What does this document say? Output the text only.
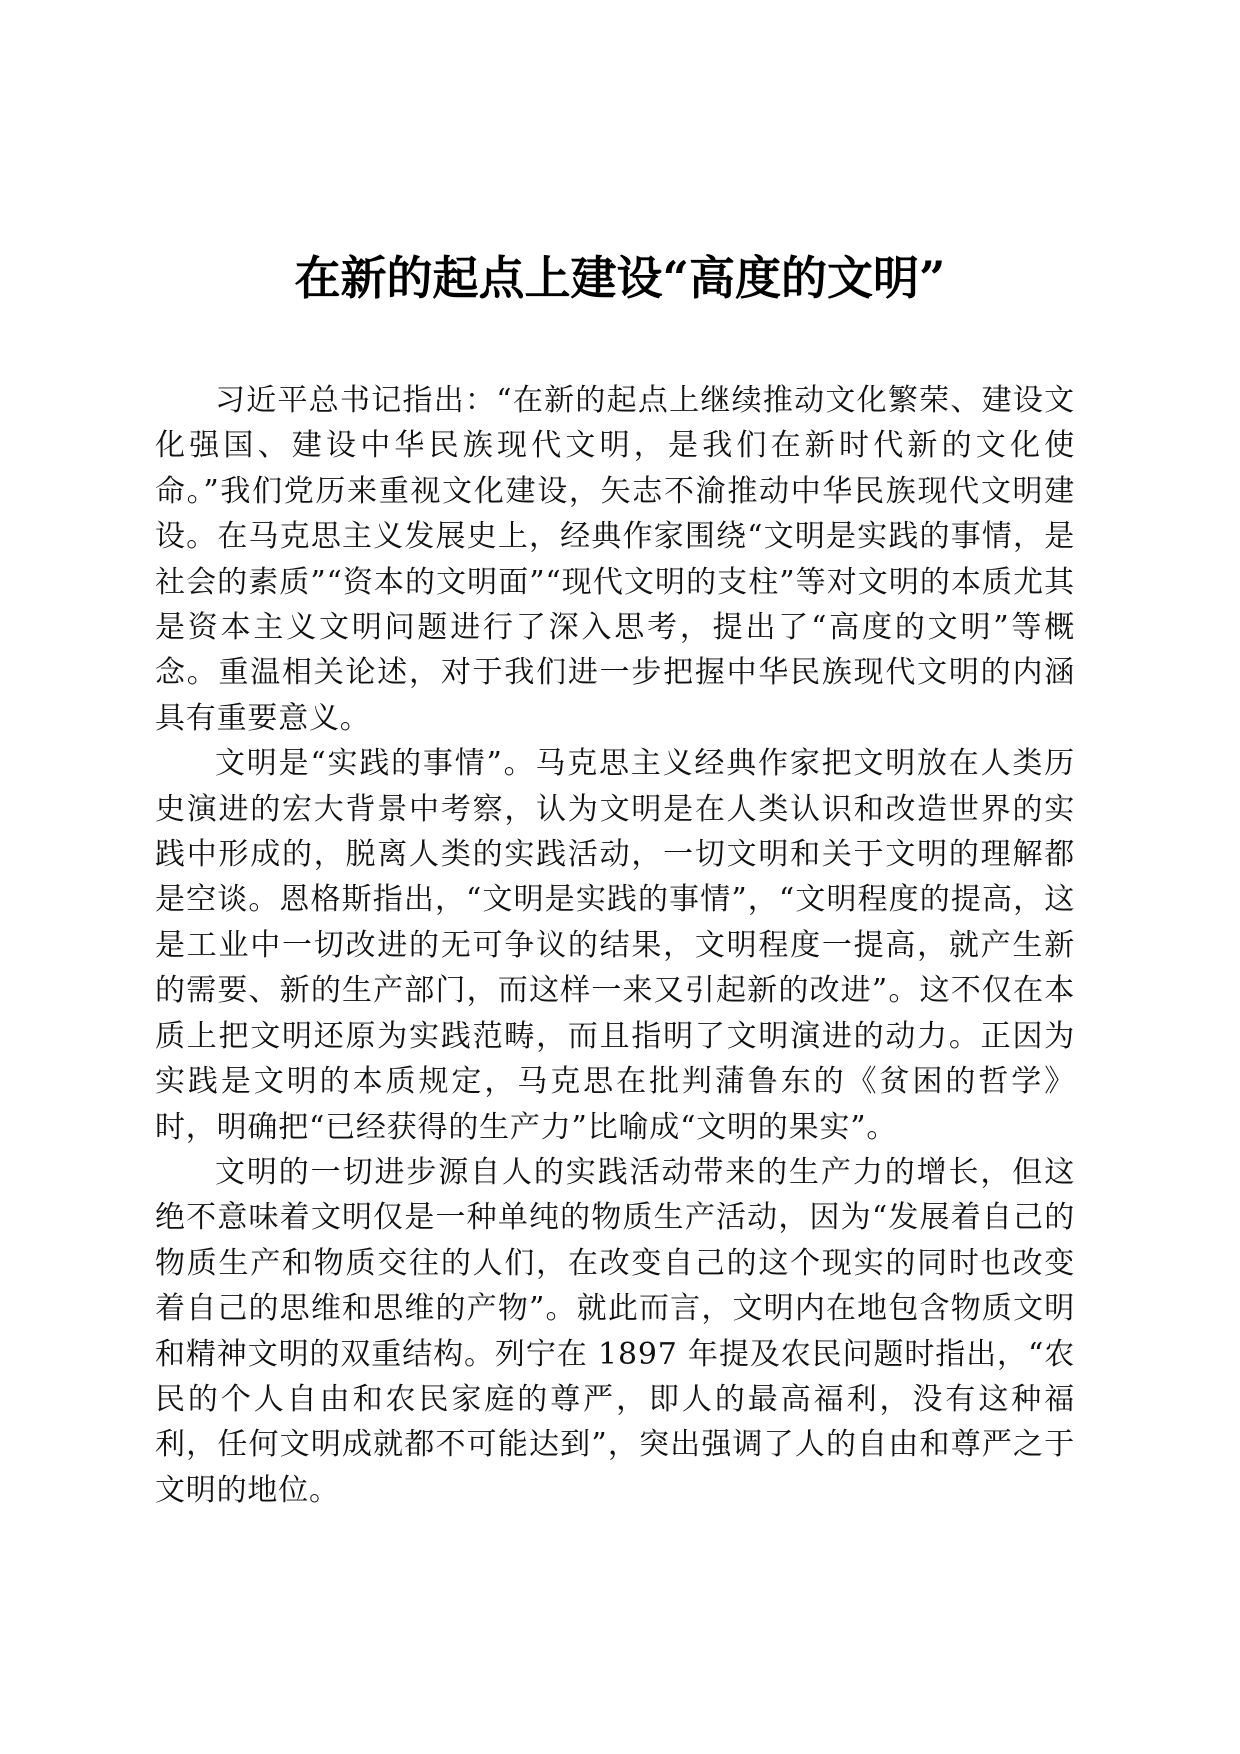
在新的起点上建设“高度的文明”

习近平总书记指出：“在新的起点上继续推动文化繁荣、建设文化强国、建设中华民族现代文明，是我们在新时代新的文化使命。”我们党历来重视文化建设，矢志不渝推动中华民族现代文明建设。在马克思主义发展史上，经典作家围绕“文明是实践的事情，是社会的素质”“资本的文明面”“现代文明的支柱”等对文明的本质尤其是资本主义文明问题进行了深入思考，提出了“高度的文明”等概念。重温相关论述，对于我们进一步把握中华民族现代文明的内涵具有重要意义。

文明是“实践的事情”。马克思主义经典作家把文明放在人类历史演进的宏大背景中考察，认为文明是在人类认识和改造世界的实践中形成的，脱离人类的实践活动，一切文明和关于文明的理解都是空谈。恩格斯指出，“文明是实践的事情”，“文明程度的提高，这是工业中一切改进的无可争议的结果，文明程度一提高，就产生新的需要、新的生产部门，而这样一来又引起新的改进”。这不仅在本质上把文明还原为实践范畴，而且指明了文明演进的动力。正因为实践是文明的本质规定，马克思在批判蒲鲁东的《贫困的哲学》时，明确把“已经获得的生产力”比喻成“文明的果实”。

文明的一切进步源自人的实践活动带来的生产力的增长，但这绝不意味着文明仅是一种单纯的物质生产活动，因为“发展着自己的物质生产和物质交往的人们，在改变自己的这个现实的同时也改变着自己的思维和思维的产物”。就此而言，文明内在地包含物质文明和精神文明的双重结构。列宁在 1897 年提及农民问题时指出，“农民的个人自由和农民家庭的尊严，即人的最高福利，没有这种福利，任何文明成就都不可能达到”，突出强调了人的自由和尊严之于文明的地位。
